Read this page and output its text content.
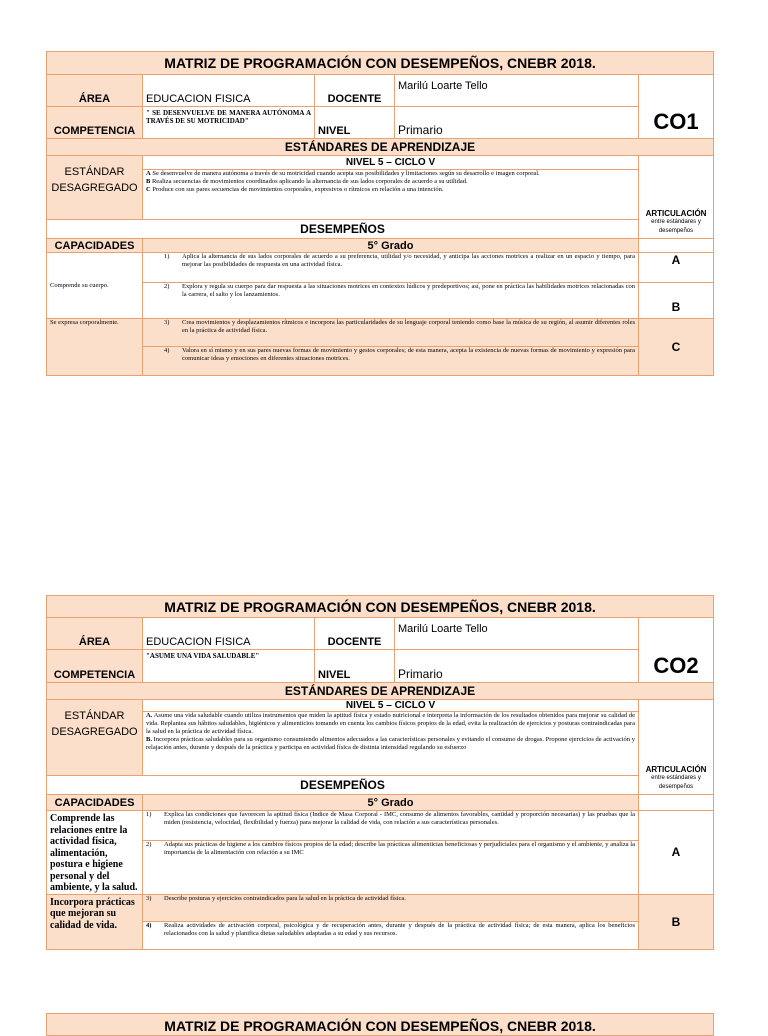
MATRIZ DE PROGRAMACIÓN CON DESEMPEÑOS, CNEBR 2018.				
ÁREA	EDUCACION FISICA	DOCENTE	Marilú Loarte Tello	CO1
COMPETENCIA	" SE DESENVUELVE DE MANERA AUTÓNOMA A TRAVÉS DE SU MOTRICIDAD"	NIVEL	Primario	
ESTÁNDARES DE APRENDIZAJE				
ESTÁNDAR DESAGREGADO	NIVEL 5 – CICLO V			ARTICULACIÓN
entre estándares y desempeños

	A Se desenvuelve de manera autónoma a través de su motricidad cuando acepta sus posibilidades y limitaciones según su desarrollo e imagen corporal.

B Realiza secuencias de movimientos coordinados aplicando la alternancia de sus lados corporales de acuerdo a su utilidad.

C Produce con sus pares secuencias de movimientos corporales, expresivos o rítmicos en relación a una intención.			

DESEMPEÑOS				
CAPACIDADES	5° Grado			
Comprende su cuerpo.	1) Aplica la alternancia de sus lados corporales de acuerdo a su preferencia, utilidad y/o necesidad, y anticipa las acciones motrices a realizar en un espacio y tiempo, para mejorar las posibilidades de respuesta en una actividad física.			A

	2) Explora y regula su cuerpo para dar respuesta a las situaciones motrices en contextos lúdicos y predeportivos; así, pone en práctica las habilidades motrices relacionadas con la carrera, el salto y los lanzamientos.			B
Se expresa corporalmente.	3) Crea movimientos y desplazamientos rítmicos e incorpora las particularidades de su lenguaje corporal teniendo como base la música de su región, al asumir diferentes roles en la práctica de actividad física.			C

	4) Valora en sí mismo y en sus pares nuevas formas de movimiento y gestos corporales; de esta manera, acepta la existencia de nuevas formas de movimiento y expresión para comunicar ideas y emociones en diferentes situaciones motrices.			
MATRIZ DE PROGRAMACIÓN CON DESEMPEÑOS, CNEBR 2018.				
ÁREA	EDUCACION FISICA	DOCENTE	Marilú Loarte Tello	CO2
COMPETENCIA	"ASUME UNA VIDA SALUDABLE"	NIVEL	Primario	
ESTÁNDARES DE APRENDIZAJE				
ESTÁNDAR DESAGREGADO	NIVEL 5 – CICLO V			ARTICULACIÓN
entre estándares y desempeños

	A. Asume una vida saludable cuando utiliza instrumentos que miden la aptitud física y estado nutricional e interpreta la información de los resultados obtenidos para mejorar su calidad de vida. Replantea sus hábitos saludables, higiénicos y alimenticios tomando en cuenta los cambios físicos propios de la edad, evita la realización de ejercicios y posturas contraindicadas para la salud en la práctica de actividad física.

B. Incorpora prácticas saludables para su organismo consumiendo alimentos adecuados a las características personales y evitando el consumo de drogas. Propone ejercicios de activación y relajación antes, durante y después de la práctica y participa en actividad física de distinta intensidad regulando su esfuerzo			

DESEMPEÑOS				
CAPACIDADES	5° Grado			
Comprende las relaciones entre la actividad física, alimentación, postura e higiene personal y del ambiente, y la salud.	1) Explica las condiciones que favorecen la aptitud física (Índice de Masa Corporal - IMC, consumo de alimentos favorables, cantidad y proporción necesarias) y las pruebas que la miden (resistencia, velocidad, flexibilidad y fuerza) para mejorar la calidad de vida, con relación a sus características personales.			A

	2) Adapta sus prácticas de higiene a los cambios físicos propios de la edad; describe las prácticas alimenticias beneficiosas y perjudiciales para el organismo y el ambiente, y analiza la importancia de la alimentación con relación a su IMC			

Incorpora prácticas que mejoran su calidad de vida.	3) Describe posturas y ejercicios contraindicados para la salud en la práctica de actividad física.			B

	4) Realiza actividades de activación corporal, psicológica y de recuperación antes, durante y después de la práctica de actividad física; de esta manera, aplica los beneficios relacionados con la salud y planifica dietas saludables adaptadas a su edad y sus recursos.			
MATRIZ DE PROGRAMACIÓN CON DESEMPEÑOS, CNEBR 2018.
